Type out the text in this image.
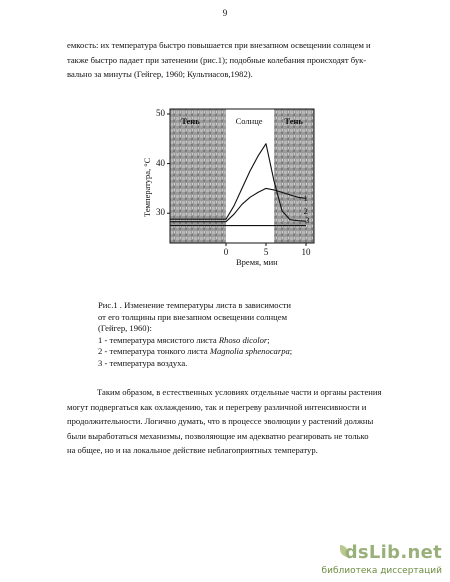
9

емкость: их температура быстро повышается при внезапном освещении солнцем и

также быстро падает при затенении (рис.1); подобные колебания происходят бук-

вально за минуты (Гейгер, 1960; Культиасов,1982).

Температура, °С
50
40
30
0	5	10
Время, мин
Тень	Солнце	Тень
1
2
3
Рис.1 . Изменение температуры листа в зависимости
от его толщины при внезапном освещении солнцем
(Гейгер, 1960):
1 - температура мясистого листа Rhoso dicolor;
2 - температура тонкого листа Magnolia sphenocarpa;
3 - температура воздуха.

Таким образом, в естественных условиях отдельные части и органы растения

могут подвергаться как охлаждению, так и перегреву различной интенсивности и

продолжительности. Логично думать, что в процессе эволюции у растений должны

были выработаться механизмы, позволяющие им адекватно реагировать не только

на общее, но и на локальное действие неблагоприятных температур.

dsLib.net
библиотека диссертаций
